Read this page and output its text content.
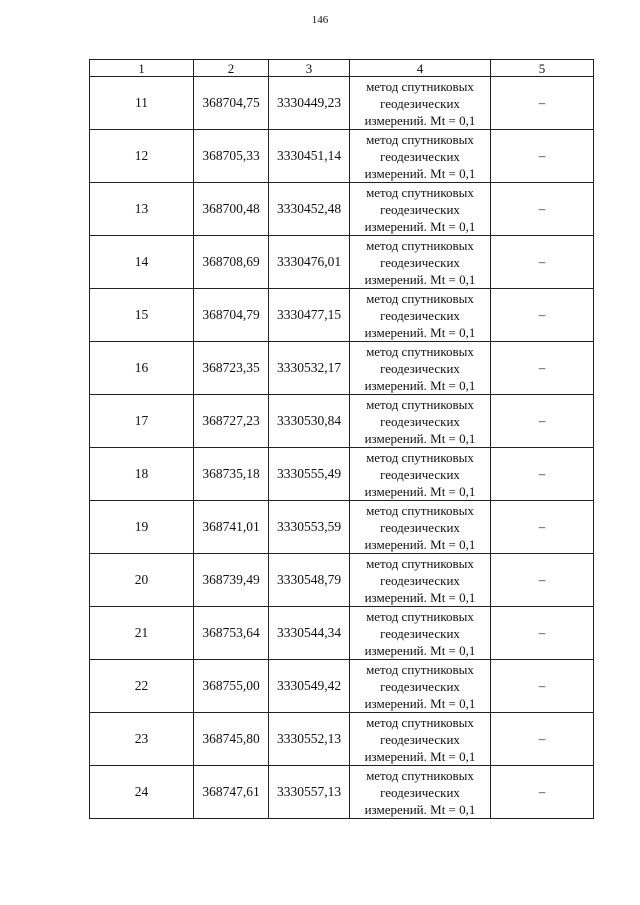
146
1	2	3	4	5
11	368704,75	3330449,23	метод спутниковых
геодезических
измерений. Mt = 0,1	–
12	368705,33	3330451,14	метод спутниковых
геодезических
измерений. Mt = 0,1	–
13	368700,48	3330452,48	метод спутниковых
геодезических
измерений. Mt = 0,1	–
14	368708,69	3330476,01	метод спутниковых
геодезических
измерений. Mt = 0,1	–
15	368704,79	3330477,15	метод спутниковых
геодезических
измерений. Mt = 0,1	–
16	368723,35	3330532,17	метод спутниковых
геодезических
измерений. Mt = 0,1	–
17	368727,23	3330530,84	метод спутниковых
геодезических
измерений. Mt = 0,1	–
18	368735,18	3330555,49	метод спутниковых
геодезических
измерений. Mt = 0,1	–
19	368741,01	3330553,59	метод спутниковых
геодезических
измерений. Mt = 0,1	–
20	368739,49	3330548,79	метод спутниковых
геодезических
измерений. Mt = 0,1	–
21	368753,64	3330544,34	метод спутниковых
геодезических
измерений. Mt = 0,1	–
22	368755,00	3330549,42	метод спутниковых
геодезических
измерений. Mt = 0,1	–
23	368745,80	3330552,13	метод спутниковых
геодезических
измерений. Mt = 0,1	–
24	368747,61	3330557,13	метод спутниковых
геодезических
измерений. Mt = 0,1	–
